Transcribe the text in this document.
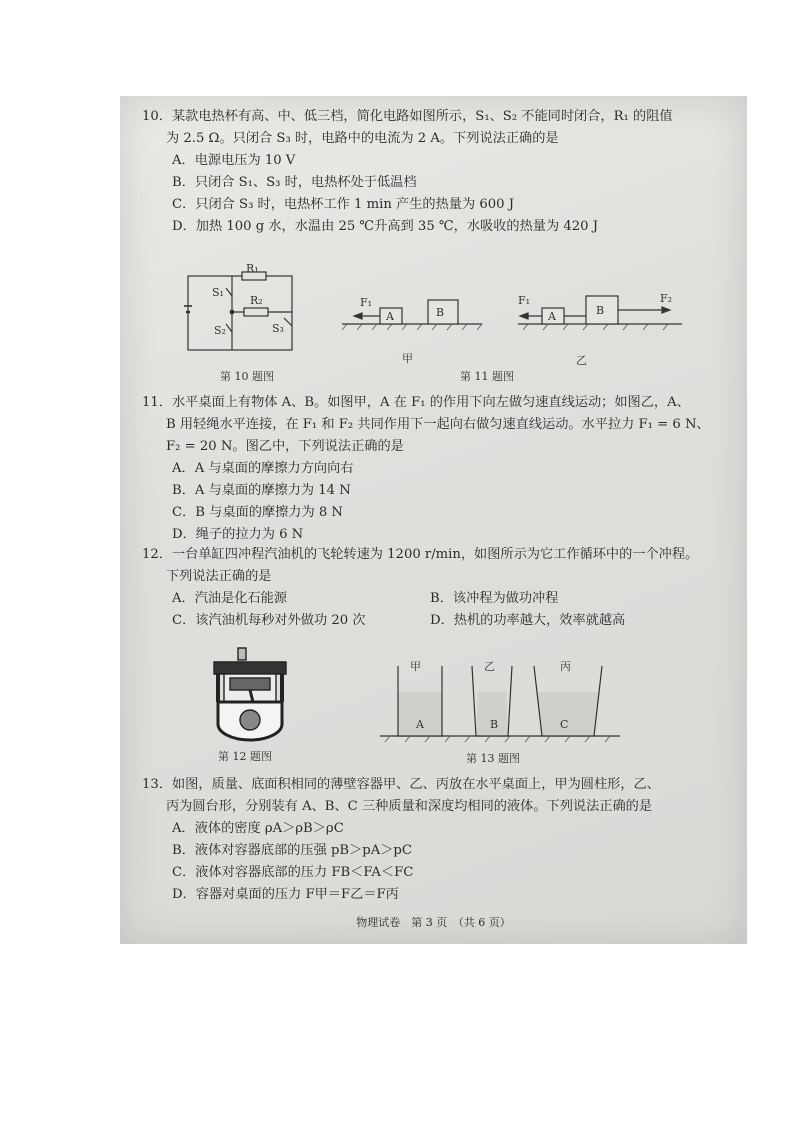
10．某款电热杯有高、中、低三档，简化电路如图所示，S₁、S₂ 不能同时闭合，R₁ 的阻值
为 2.5 Ω。只闭合 S₃ 时，电路中的电流为 2 A。下列说法正确的是
A．电源电压为 10 V
B．只闭合 S₁、S₃ 时，电热杯处于低温档
C．只闭合 S₃ 时，电热杯工作 1 min 产生的热量为 600 J
D．加热 100 g 水，水温由 25 ℃升高到 35 ℃，水吸收的热量为 420 J
R₁
R₂
S₁
S₂	S₃
第 10 题图
F₁
A	B
F₁
A	B
F₂
甲	乙
第 11 题图
11．水平桌面上有物体 A、B。如图甲，A 在 F₁ 的作用下向左做匀速直线运动；如图乙，A、
B 用轻绳水平连接，在 F₁ 和 F₂ 共同作用下一起向右做匀速直线运动。水平拉力 F₁ = 6 N、
F₂ = 20 N。图乙中，下列说法正确的是
A．A 与桌面的摩擦力方向向右
B．A 与桌面的摩擦力为 14 N
C．B 与桌面的摩擦力为 8 N
D．绳子的拉力为 6 N
12．一台单缸四冲程汽油机的飞轮转速为 1200 r/min，如图所示为它工作循环中的一个冲程。
下列说法正确的是
A．汽油是化石能源	B．该冲程为做功冲程
C．该汽油机每秒对外做功 20 次	D．热机的功率越大，效率就越高
第 12 题图
甲	乙	丙
A	B	C
第 13 题图
13．如图，质量、底面积相同的薄壁容器甲、乙、丙放在水平桌面上，甲为圆柱形，乙、
丙为圆台形，分别装有 A、B、C 三种质量和深度均相同的液体。下列说法正确的是
A．液体的密度 ρA＞ρB＞ρC
B．液体对容器底部的压强 pB＞pA＞pC
C．液体对容器底部的压力 FB＜FA＜FC
D．容器对桌面的压力 F甲＝F乙＝F丙
物理试卷　第 3 页　（共 6 页）
